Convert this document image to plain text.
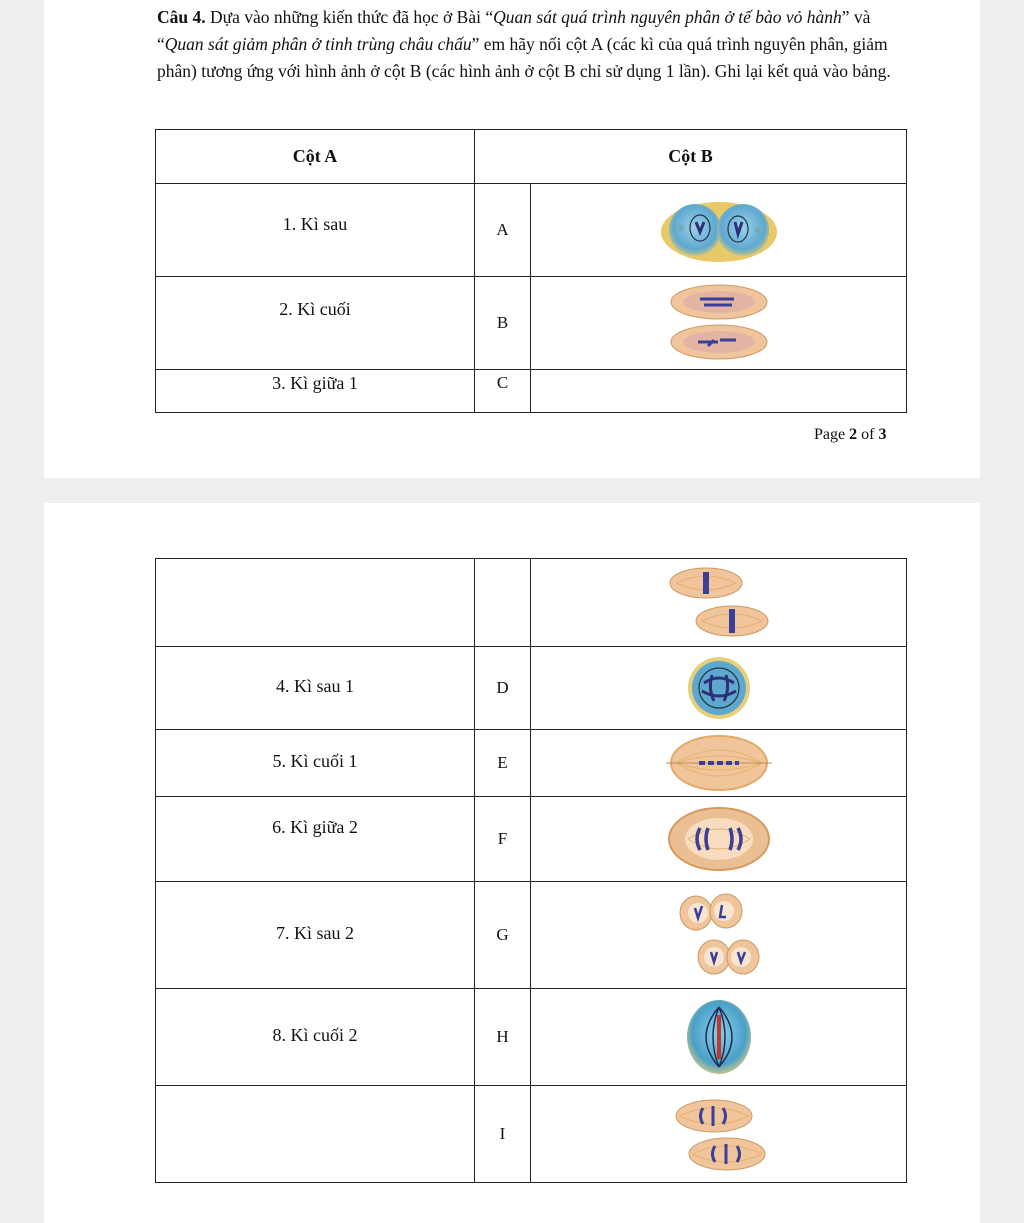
Câu 4. Dựa vào những kiến thức đã học ở Bài “Quan sát quá trình nguyên phân ở tế bào vỏ hành” và “Quan sát giảm phân ở tinh trùng châu chấu” em hãy nối cột A (các kì của quá trình nguyên phân, giảm phân) tương ứng với hình ảnh ở cột B (các hình ảnh ở cột B chỉ sử dụng 1 lần). Ghi lại kết quả vào bảng.
Cột A	Cột B	
1. Kì sau	A	

2. Kì cuối	B	

3. Kì giữa 1	C	
Page 2 of 3

4. Kì sau 1	D	

5. Kì cuối 1	E	

6. Kì giữa 2	F	

7. Kì sau 2	G	

8. Kì cuối 2	H	

	I	
